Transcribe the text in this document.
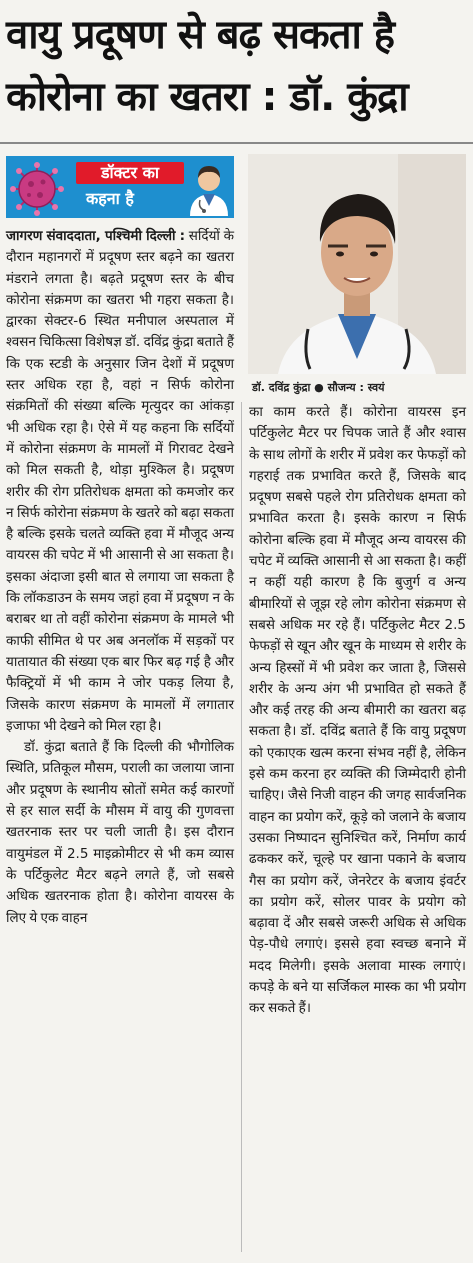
वायु प्रदूषण से बढ़ सकता है
कोरोना का खतरा : डॉ. कुंद्रा
डॉक्टर का
कहना है
डॉ. दविंद्र कुंद्रा ● सौजन्य : स्वयं

जागरण संवाददाता, पश्चिमी दिल्ली : सर्दियों के दौरान महानगरों में प्रदूषण स्तर बढ़ने का खतरा मंडराने लगता है। बढ़ते प्रदूषण स्तर के बीच कोरोना संक्रमण का खतरा भी गहरा सकता है। द्वारका सेक्टर-6 स्थित मनीपाल अस्पताल में श्वसन चिकित्सा विशेषज्ञ डॉ. दविंद्र कुंद्रा बताते हैं कि एक स्टडी के अनुसार जिन देशों में प्रदूषण स्तर अधिक रहा है, वहां न सिर्फ कोरोना संक्रमितों की संख्या बल्कि मृत्युदर का आंकड़ा भी अधिक रहा है। ऐसे में यह कहना कि सर्दियों में कोरोना संक्रमण के मामलों में गिरावट देखने को मिल सकती है, थोड़ा मुश्किल है। प्रदूषण शरीर की रोग प्रतिरोधक क्षमता को कमजोर कर न सिर्फ कोरोना संक्रमण के खतरे को बढ़ा सकता है बल्कि इसके चलते व्यक्ति हवा में मौजूद अन्य वायरस की चपेट में भी आसानी से आ सकता है। इसका अंदाजा इसी बात से लगाया जा सकता है कि लॉकडाउन के समय जहां हवा में प्रदूषण न के बराबर था तो वहीं कोरोना संक्रमण के मामले भी काफी सीमित थे पर अब अनलॉक में सड़कों पर यातायात की संख्या एक बार फिर बढ़ गई है और फैक्ट्रियों में भी काम ने जोर पकड़ लिया है, जिसके कारण संक्रमण के मामलों में लगातार इजाफा भी देखने को मिल रहा है।

डॉ. कुंद्रा बताते हैं कि दिल्ली की भौगोलिक स्थिति, प्रतिकूल मौसम, पराली का जलाया जाना और प्रदूषण के स्थानीय स्रोतों समेत कई कारणों से हर साल सर्दी के मौसम में वायु की गुणवत्ता खतरनाक स्तर पर चली जाती है। इस दौरान वायुमंडल में 2.5 माइक्रोमीटर से भी कम व्यास के पर्टिकुलेट मैटर बढ़ने लगते हैं, जो सबसे अधिक खतरनाक होता है। कोरोना वायरस के लिए ये एक वाहन

का काम करते हैं। कोरोना वायरस इन पर्टिकुलेट मैटर पर चिपक जाते हैं और श्वास के साथ लोगों के शरीर में प्रवेश कर फेफड़ों को गहराई तक प्रभावित करते हैं, जिसके बाद प्रदूषण सबसे पहले रोग प्रतिरोधक क्षमता को प्रभावित करता है। इसके कारण न सिर्फ कोरोना बल्कि हवा में मौजूद अन्य वायरस की चपेट में व्यक्ति आसानी से आ सकता है। कहीं न कहीं यही कारण है कि बुजुर्ग व अन्य बीमारियों से जूझ रहे लोग कोरोना संक्रमण से सबसे अधिक मर रहे हैं। पर्टिकुलेट मैटर 2.5 फेफड़ों से खून और खून के माध्यम से शरीर के अन्य हिस्सों में भी प्रवेश कर जाता है, जिससे शरीर के अन्य अंग भी प्रभावित हो सकते हैं और कई तरह की अन्य बीमारी का खतरा बढ़ सकता है। डॉ. दविंद्र बताते हैं कि वायु प्रदूषण को एकाएक खत्म करना संभव नहीं है, लेकिन इसे कम करना हर व्यक्ति की जिम्मेदारी होनी चाहिए। जैसे निजी वाहन की जगह सार्वजनिक वाहन का प्रयोग करें, कूड़े को जलाने के बजाय उसका निष्पादन सुनिश्चित करें, निर्माण कार्य ढककर करें, चूल्हे पर खाना पकाने के बजाय गैस का प्रयोग करें, जेनरेटर के बजाय इंवर्टर का प्रयोग करें, सोलर पावर के प्रयोग को बढ़ावा दें और सबसे जरूरी अधिक से अधिक पेड़-पौधे लगाएं। इससे हवा स्वच्छ बनाने में मदद मिलेगी। इसके अलावा मास्क लगाएं। कपड़े के बने या सर्जिकल मास्क का भी प्रयोग कर सकते हैं।
